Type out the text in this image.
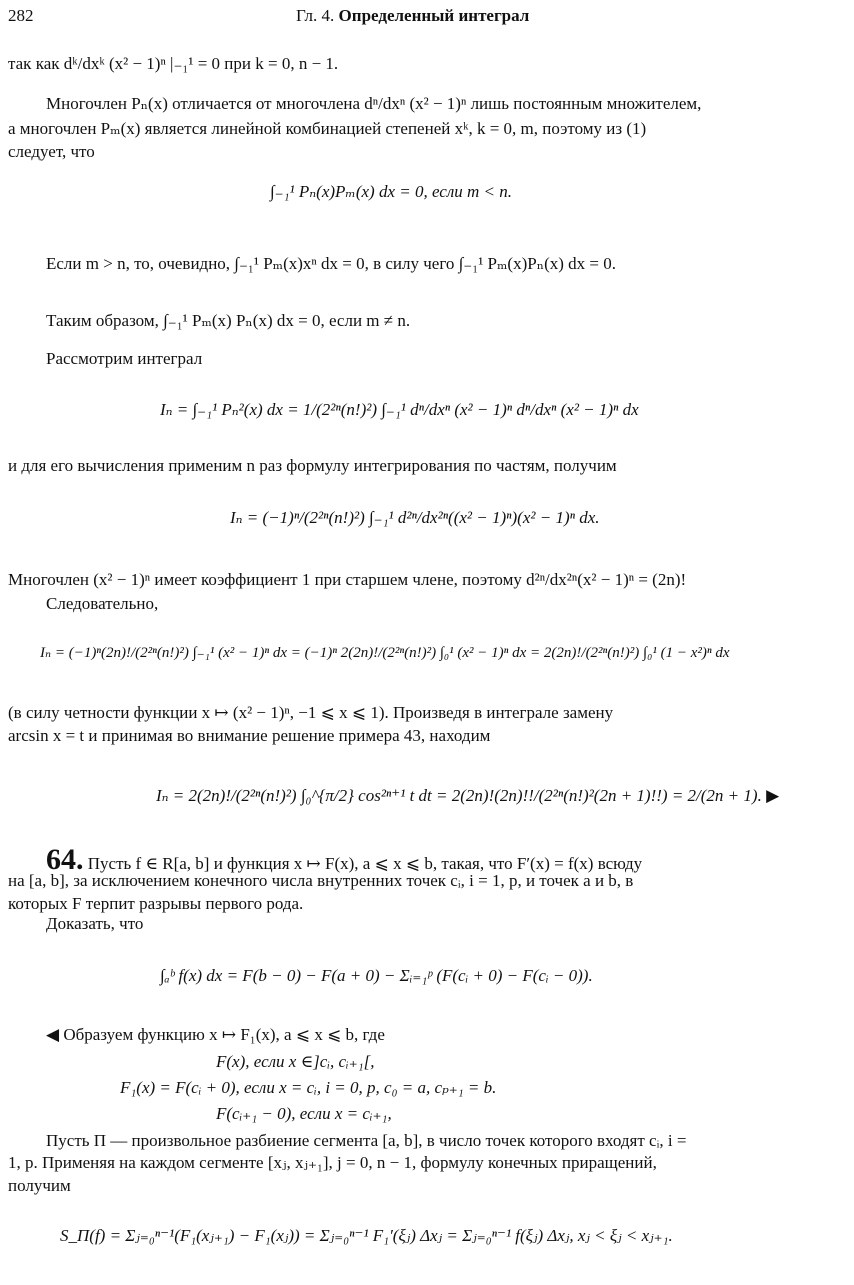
282	Гл. 4. Определенный интеграл
так как dᵏ/dxᵏ (x² − 1)ⁿ |₋₁¹ = 0 при k = 0, n − 1.
Многочлен Pₙ(x) отличается от многочлена dⁿ/dxⁿ (x² − 1)ⁿ лишь постоянным множителем,
а многочлен Pₘ(x) является линейной комбинацией степеней xᵏ, k = 0, m, поэтому из (1)
следует, что
∫₋₁¹ Pₙ(x)Pₘ(x) dx = 0, если m < n.
Если m > n, то, очевидно, ∫₋₁¹ Pₘ(x)xⁿ dx = 0, в силу чего ∫₋₁¹ Pₘ(x)Pₙ(x) dx = 0.
Таким образом, ∫₋₁¹ Pₘ(x) Pₙ(x) dx = 0, если m ≠ n.
Рассмотрим интеграл
Iₙ = ∫₋₁¹ Pₙ²(x) dx = 1/(2²ⁿ(n!)²) ∫₋₁¹ dⁿ/dxⁿ (x² − 1)ⁿ dⁿ/dxⁿ (x² − 1)ⁿ dx
и для его вычисления применим n раз формулу интегрирования по частям, получим
Iₙ = (−1)ⁿ/(2²ⁿ(n!)²) ∫₋₁¹ d²ⁿ/dx²ⁿ((x² − 1)ⁿ)(x² − 1)ⁿ dx.
Многочлен (x² − 1)ⁿ имеет коэффициент 1 при старшем члене, поэтому d²ⁿ/dx²ⁿ(x² − 1)ⁿ = (2n)!
Следовательно,
Iₙ = (−1)ⁿ(2n)!/(2²ⁿ(n!)²) ∫₋₁¹ (x² − 1)ⁿ dx = (−1)ⁿ 2(2n)!/(2²ⁿ(n!)²) ∫₀¹ (x² − 1)ⁿ dx = 2(2n)!/(2²ⁿ(n!)²) ∫₀¹ (1 − x²)ⁿ dx
(в силу четности функции x ↦ (x² − 1)ⁿ, −1 ⩽ x ⩽ 1). Произведя в интеграле замену
arcsin x = t и принимая во внимание решение примера 43, находим
Iₙ = 2(2n)!/(2²ⁿ(n!)²) ∫₀^{π/2} cos²ⁿ⁺¹ t dt = 2(2n)!(2n)!!/(2²ⁿ(n!)²(2n + 1)!!) = 2/(2n + 1). ▶
64. Пусть f ∈ R[a, b] и функция x ↦ F(x), a ⩽ x ⩽ b, такая, что F′(x) = f(x) всюду
на [a, b], за исключением конечного числа внутренних точек cᵢ, i = 1, p, и точек a и b, в
которых F терпит разрывы первого рода.
Доказать, что
∫ₐᵇ f(x) dx = F(b − 0) − F(a + 0) − Σᵢ₌₁ᵖ (F(cᵢ + 0) − F(cᵢ − 0)).
◀ Образуем функцию x ↦ F₁(x), a ⩽ x ⩽ b, где
F(x), если x ∈]cᵢ, cᵢ₊₁[,
F₁(x) = F(cᵢ + 0), если x = cᵢ, i = 0, p, c₀ = a, cₚ₊₁ = b.
F(cᵢ₊₁ − 0), если x = cᵢ₊₁,
Пусть Π — произвольное разбиение сегмента [a, b], в число точек которого входят cᵢ, i =
1, p. Применяя на каждом сегменте [xⱼ, xⱼ₊₁], j = 0, n − 1, формулу конечных приращений,
получим
S_Π(f) = Σⱼ₌₀ⁿ⁻¹(F₁(xⱼ₊₁) − F₁(xⱼ)) = Σⱼ₌₀ⁿ⁻¹ F₁′(ξⱼ) Δxⱼ = Σⱼ₌₀ⁿ⁻¹ f(ξⱼ) Δxⱼ, xⱼ < ξⱼ < xⱼ₊₁.
